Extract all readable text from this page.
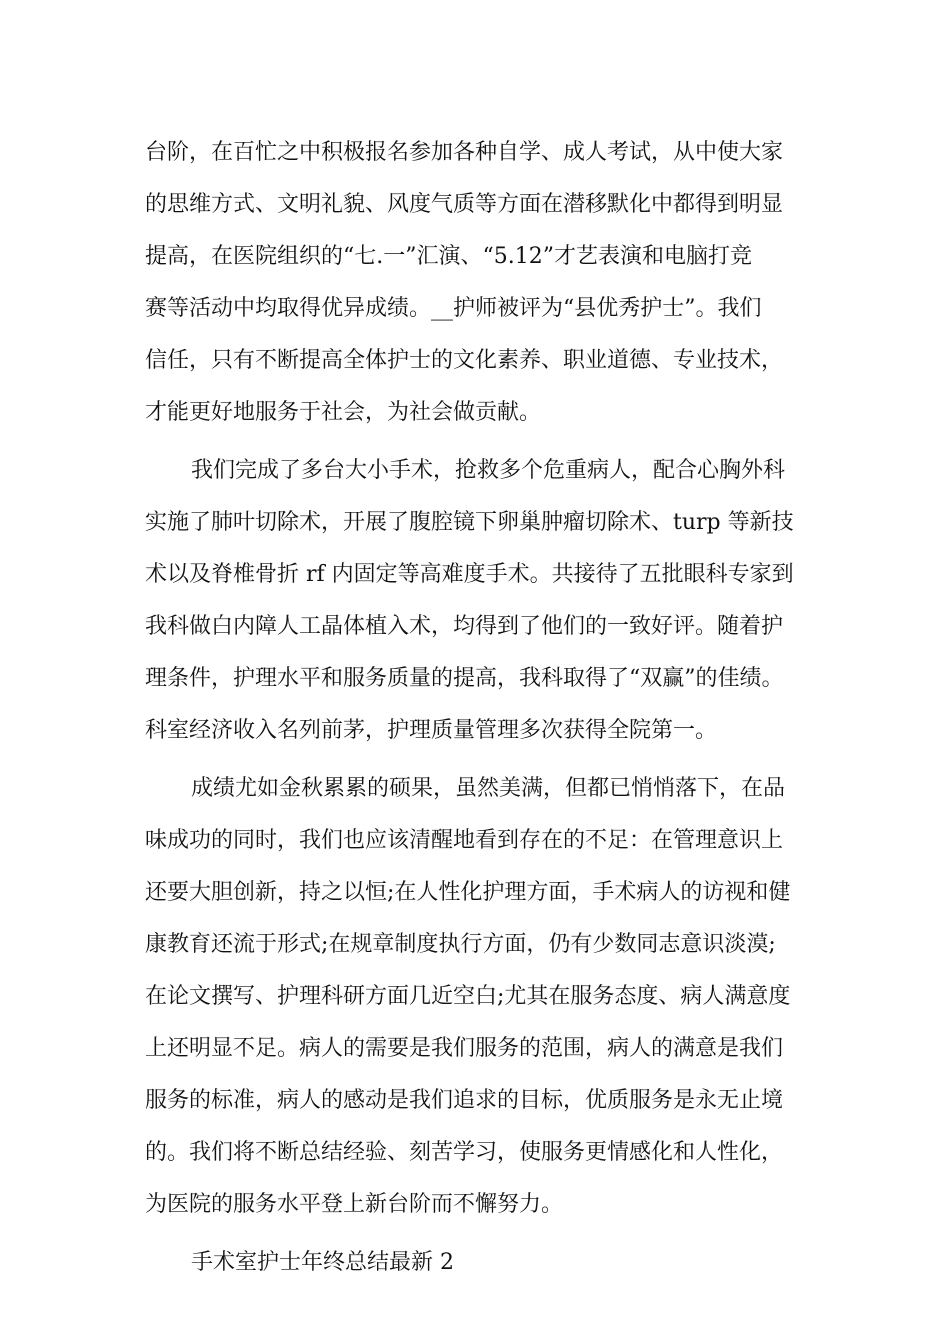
台阶，在百忙之中积极报名参加各种自学、成人考试，从中使大家
的思维方式、文明礼貌、风度气质等方面在潜移默化中都得到明显
提高，在医院组织的“七.一”汇演、“5.12”才艺表演和电脑打竞
赛等活动中均取得优异成绩。__护师被评为“县优秀护士”。我们
信任，只有不断提高全体护士的文化素养、职业道德、专业技术，
才能更好地服务于社会，为社会做贡献。
我们完成了多台大小手术，抢救多个危重病人，配合心胸外科
实施了肺叶切除术，开展了腹腔镜下卵巢肿瘤切除术、turp 等新技
术以及脊椎骨折 rf 内固定等高难度手术。共接待了五批眼科专家到
我科做白内障人工晶体植入术，均得到了他们的一致好评。随着护
理条件，护理水平和服务质量的提高，我科取得了“双赢”的佳绩。
科室经济收入名列前茅，护理质量管理多次获得全院第一。
成绩尤如金秋累累的硕果，虽然美满，但都已悄悄落下，在品
味成功的同时，我们也应该清醒地看到存在的不足：在管理意识上
还要大胆创新，持之以恒;在人性化护理方面，手术病人的访视和健
康教育还流于形式;在规章制度执行方面，仍有少数同志意识淡漠;
在论文撰写、护理科研方面几近空白;尤其在服务态度、病人满意度
上还明显不足。病人的需要是我们服务的范围，病人的满意是我们
服务的标准，病人的感动是我们追求的目标，优质服务是永无止境
的。我们将不断总结经验、刻苦学习，使服务更情感化和人性化，
为医院的服务水平登上新台阶而不懈努力。
手术室护士年终总结最新 2
